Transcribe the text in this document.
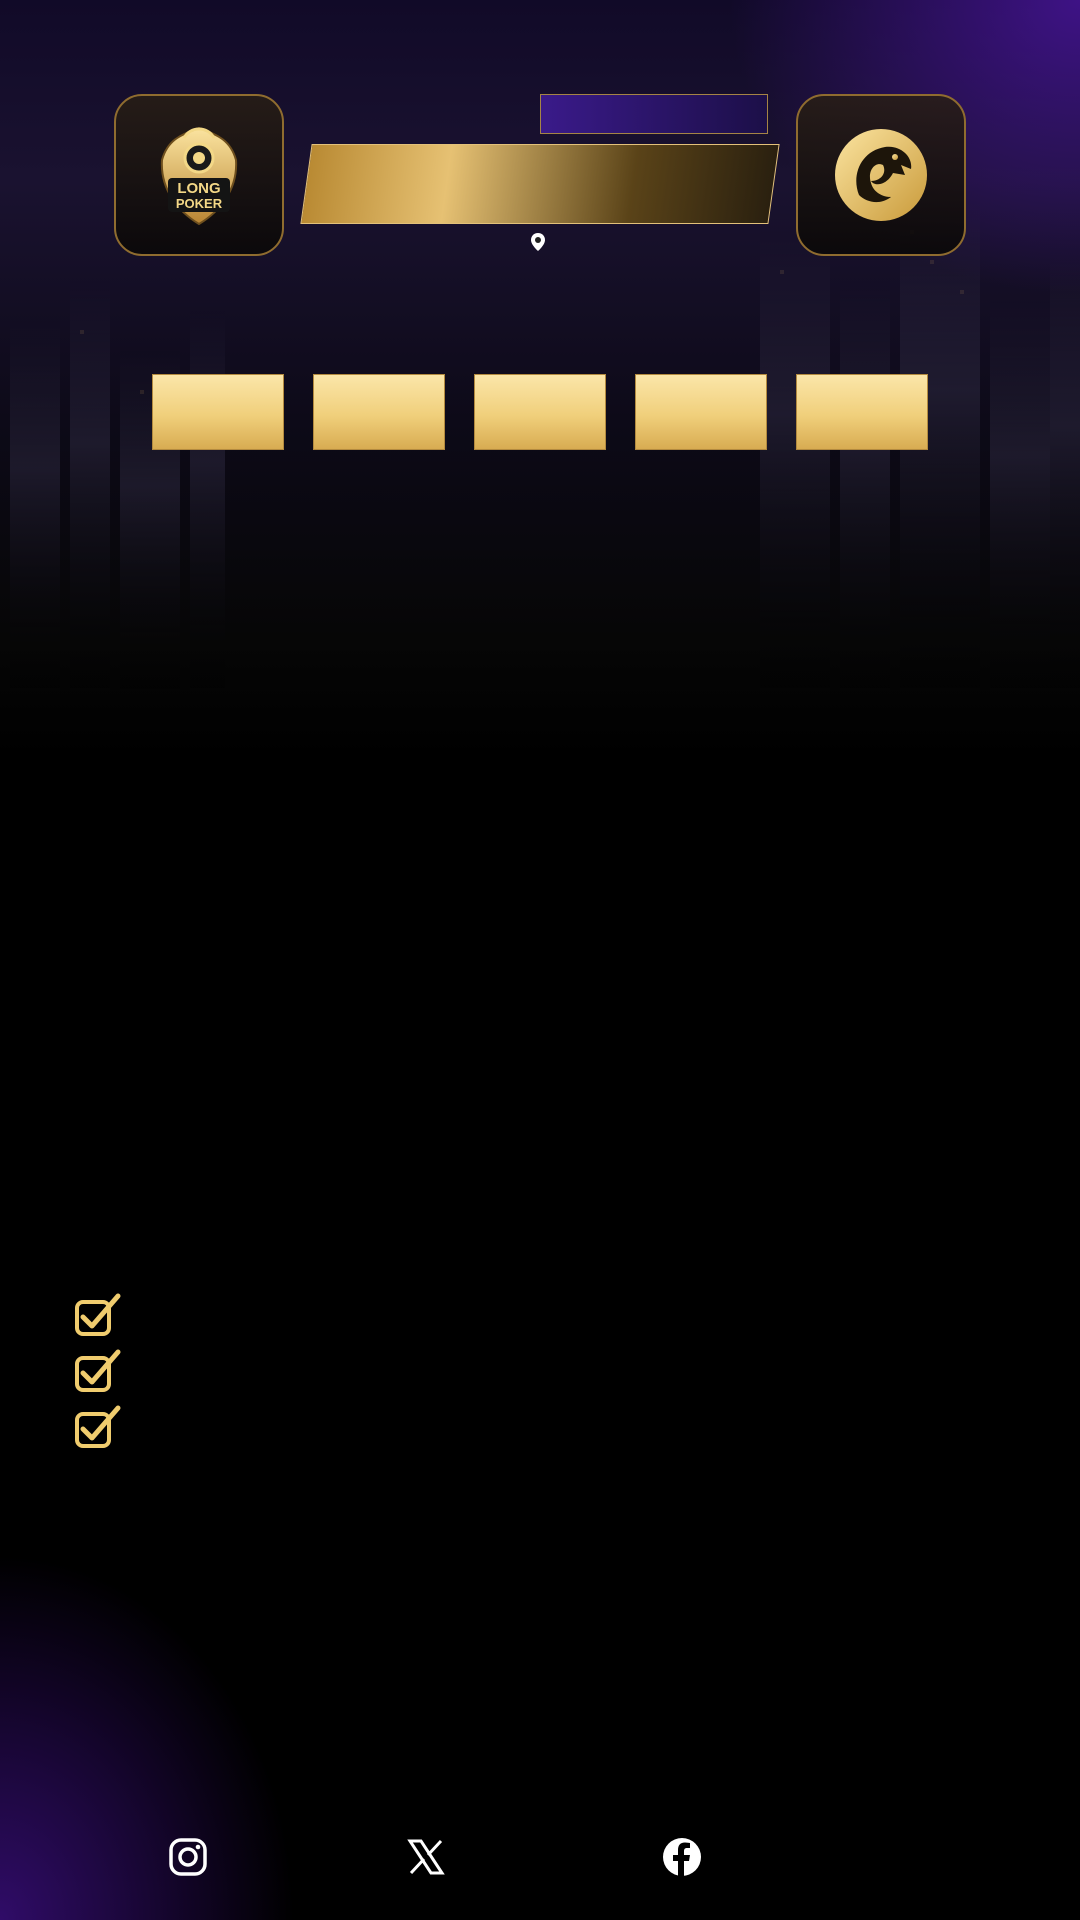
LONG
POKER
